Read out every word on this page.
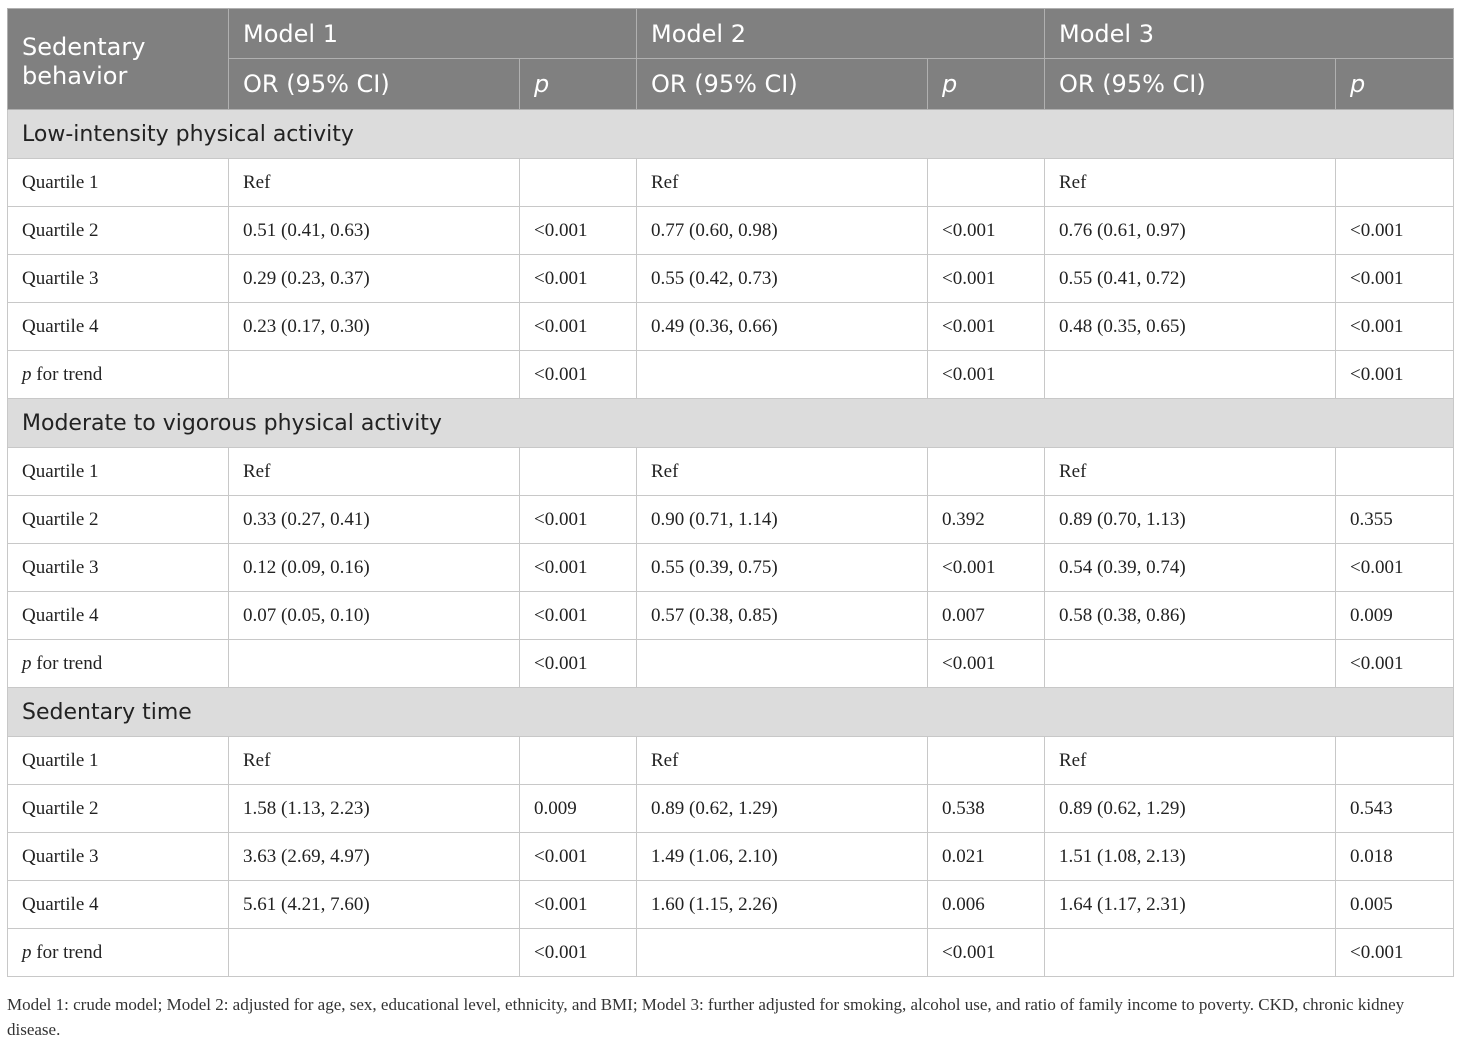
Sedentary behavior	Model 1		Model 2		Model 3	
	OR (95% CI)	p	OR (95% CI)	p	OR (95% CI)	p
Low-intensity physical activity						
Quartile 1	Ref		Ref		Ref	
Quartile 2	0.51 (0.41, 0.63)	<0.001	0.77 (0.60, 0.98)	<0.001	0.76 (0.61, 0.97)	<0.001
Quartile 3	0.29 (0.23, 0.37)	<0.001	0.55 (0.42, 0.73)	<0.001	0.55 (0.41, 0.72)	<0.001
Quartile 4	0.23 (0.17, 0.30)	<0.001	0.49 (0.36, 0.66)	<0.001	0.48 (0.35, 0.65)	<0.001
p for trend		<0.001		<0.001		<0.001
Moderate to vigorous physical activity						
Quartile 1	Ref		Ref		Ref	
Quartile 2	0.33 (0.27, 0.41)	<0.001	0.90 (0.71, 1.14)	0.392	0.89 (0.70, 1.13)	0.355
Quartile 3	0.12 (0.09, 0.16)	<0.001	0.55 (0.39, 0.75)	<0.001	0.54 (0.39, 0.74)	<0.001
Quartile 4	0.07 (0.05, 0.10)	<0.001	0.57 (0.38, 0.85)	0.007	0.58 (0.38, 0.86)	0.009
p for trend		<0.001		<0.001		<0.001
Sedentary time						
Quartile 1	Ref		Ref		Ref	
Quartile 2	1.58 (1.13, 2.23)	0.009	0.89 (0.62, 1.29)	0.538	0.89 (0.62, 1.29)	0.543
Quartile 3	3.63 (2.69, 4.97)	<0.001	1.49 (1.06, 2.10)	0.021	1.51 (1.08, 2.13)	0.018
Quartile 4	5.61 (4.21, 7.60)	<0.001	1.60 (1.15, 2.26)	0.006	1.64 (1.17, 2.31)	0.005
p for trend		<0.001		<0.001		<0.001
Model 1: crude model; Model 2: adjusted for age, sex, educational level, ethnicity, and BMI; Model 3: further adjusted for smoking, alcohol use, and ratio of family income to poverty. CKD, chronic kidney disease.
